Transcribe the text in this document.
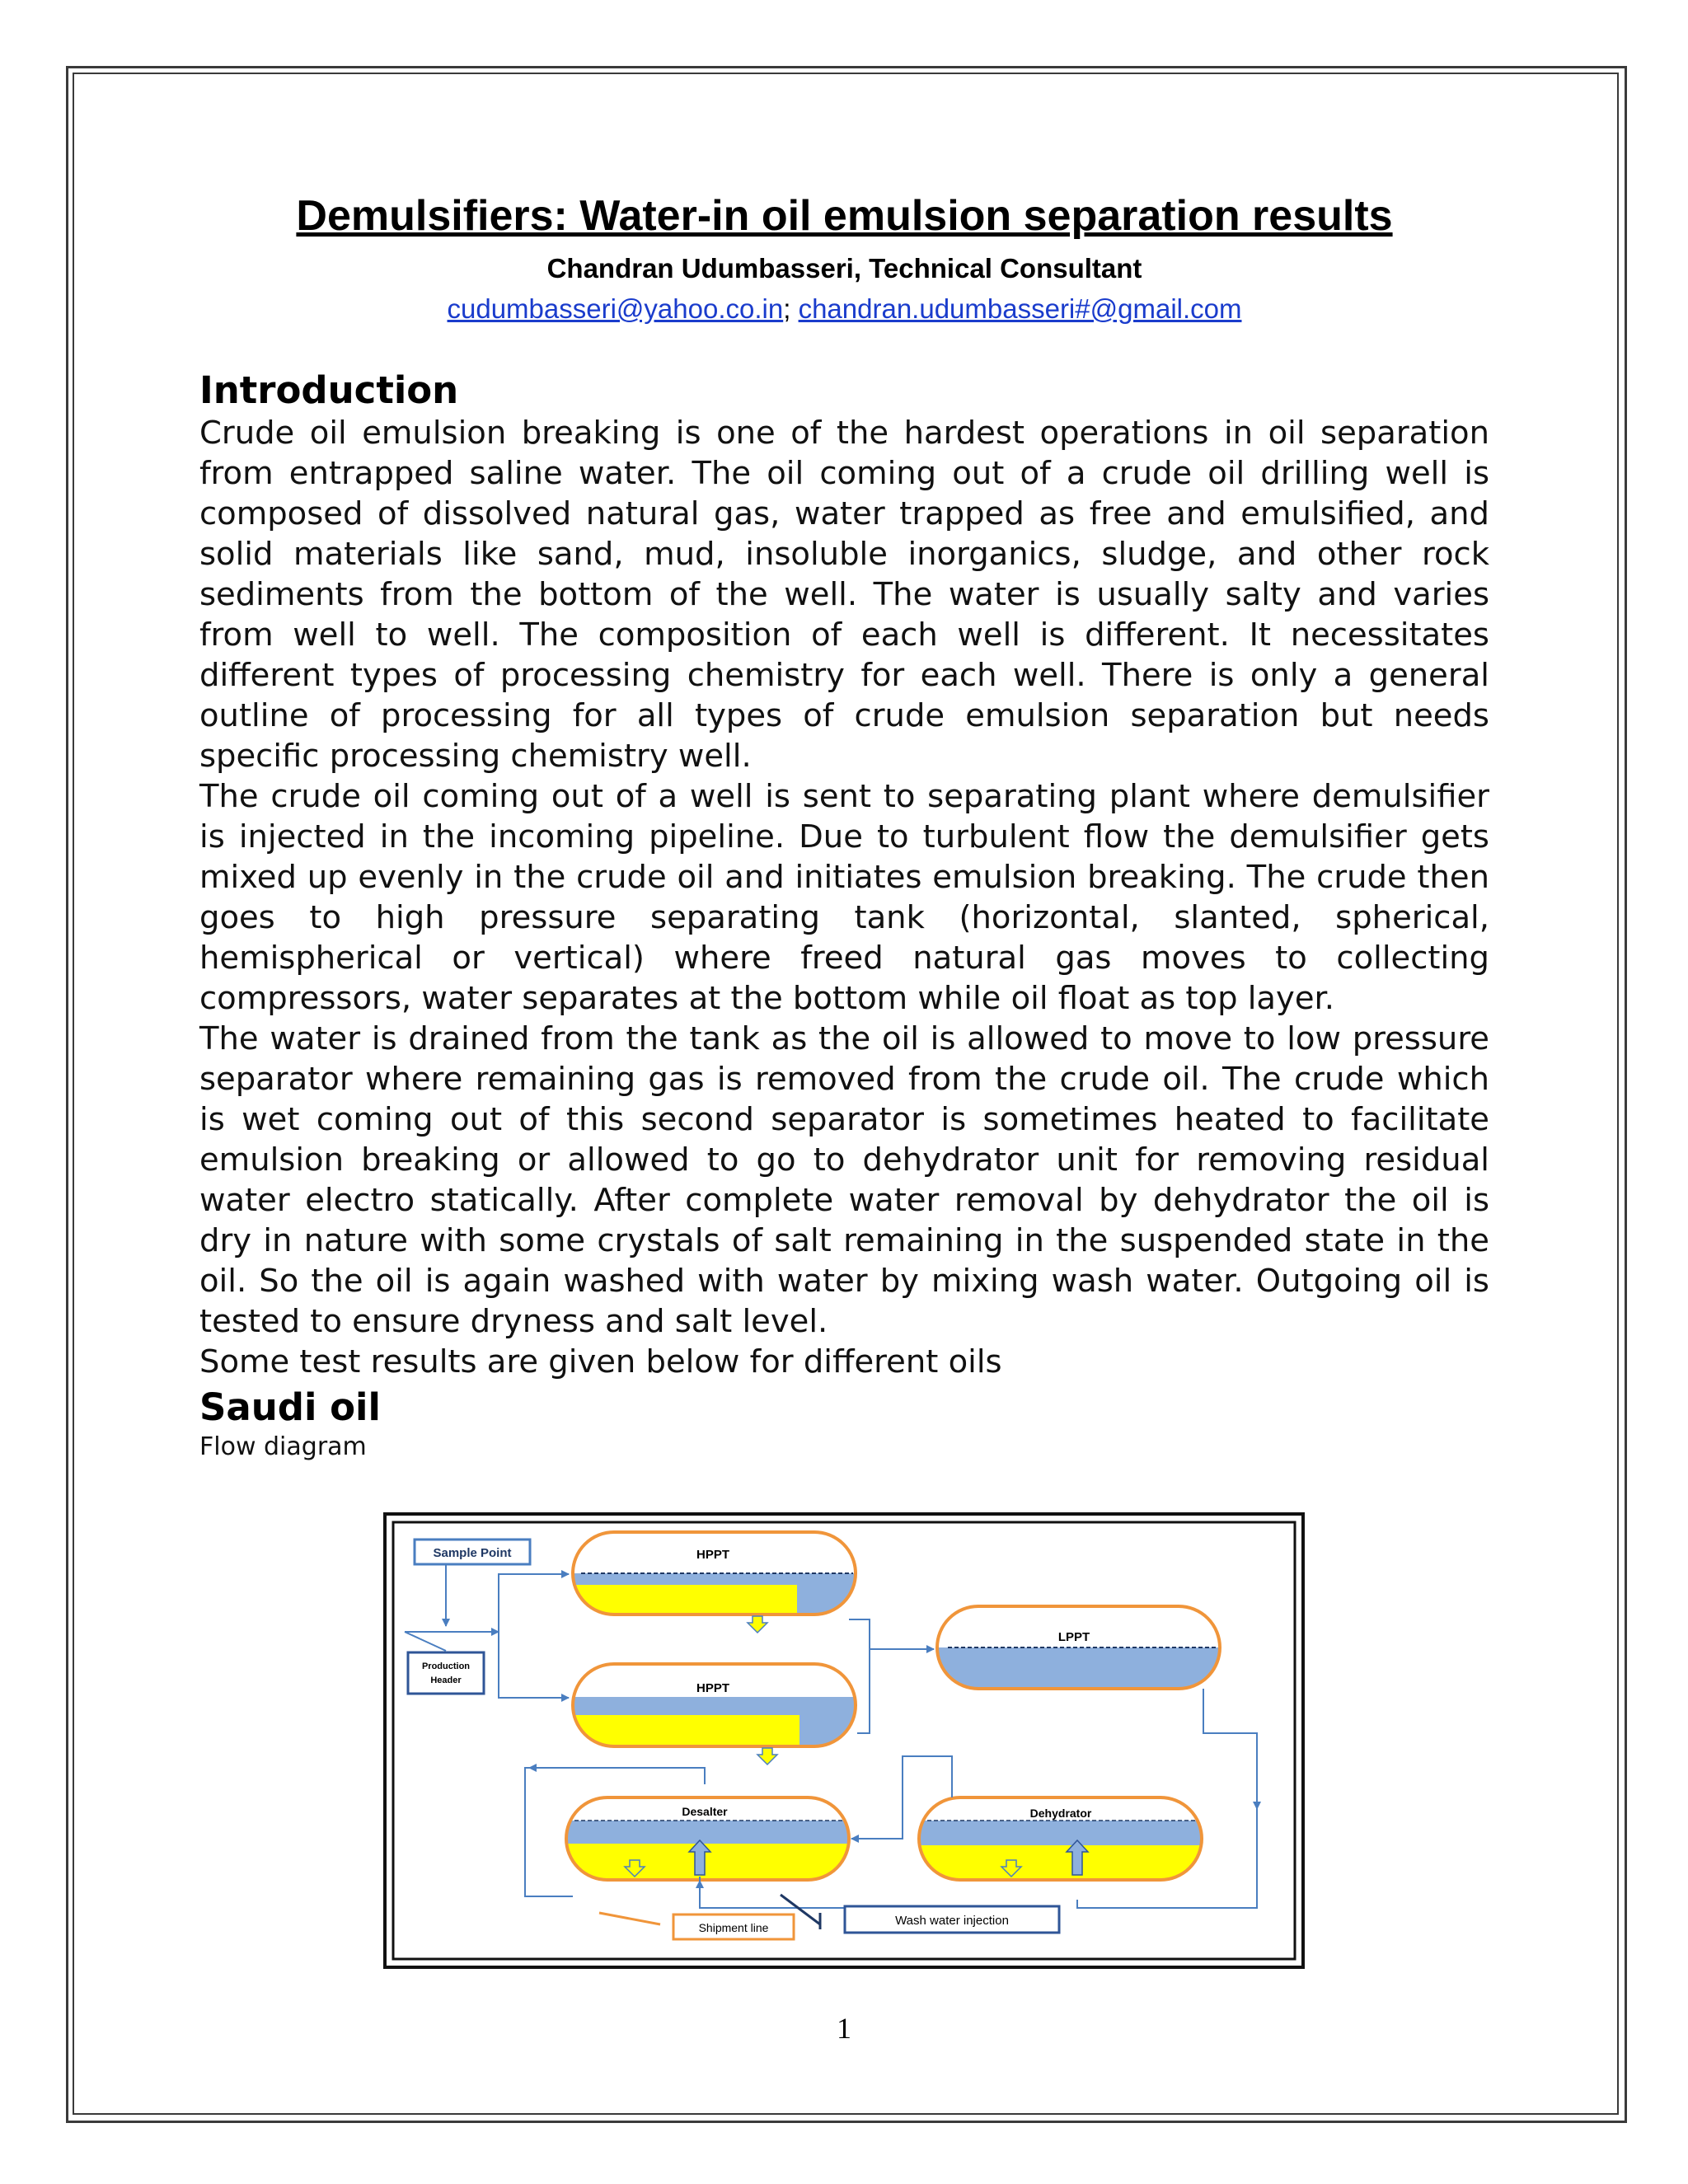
Demulsifiers: Water-in oil emulsion separation results
Chandran Udumbasseri, Technical Consultant
cudumbasseri@yahoo.co.in; chandran.udumbasseri#@gmail.com
Introduction

Crude oil emulsion breaking is one of the hardest operations in oil separation from entrapped saline water. The oil coming out of a crude oil drilling well is composed of dissolved natural gas, water trapped as free and emulsified, and solid materials like sand, mud, insoluble inorganics, sludge, and other rock sediments from the bottom of the well. The water is usually salty and varies from well to well. The composition of each well is different. It necessitates different types of processing chemistry for each well. There is only a general outline of processing for all types of crude emulsion separation but needs specific processing chemistry well.

The crude oil coming out of a well is sent to separating plant where demulsifier is injected in the incoming pipeline. Due to turbulent flow the demulsifier gets mixed up evenly in the crude oil and initiates emulsion breaking. The crude then goes to high pressure separating tank (horizontal, slanted, spherical, hemispherical or vertical) where freed natural gas moves to collecting compressors, water separates at the bottom while oil float as top layer.

The water is drained from the tank as the oil is allowed to move to low pressure separator where remaining gas is removed from the crude oil. The crude which is wet coming out of this second separator is sometimes heated to facilitate emulsion breaking or allowed to go to dehydrator unit for removing residual water electro statically. After complete water removal by dehydrator the oil is dry in nature with some crystals of salt remaining in the suspended state in the oil. So the oil is again washed with water by mixing wash water. Outgoing oil is tested to ensure dryness and salt level.

Some test results are given below for different oils

Saudi oil

Flow diagram

Sample Point
Production
Header
HPPT
HPPT
LPPT
Desalter	Dehydrator
Wash water injection
Shipment line
1
